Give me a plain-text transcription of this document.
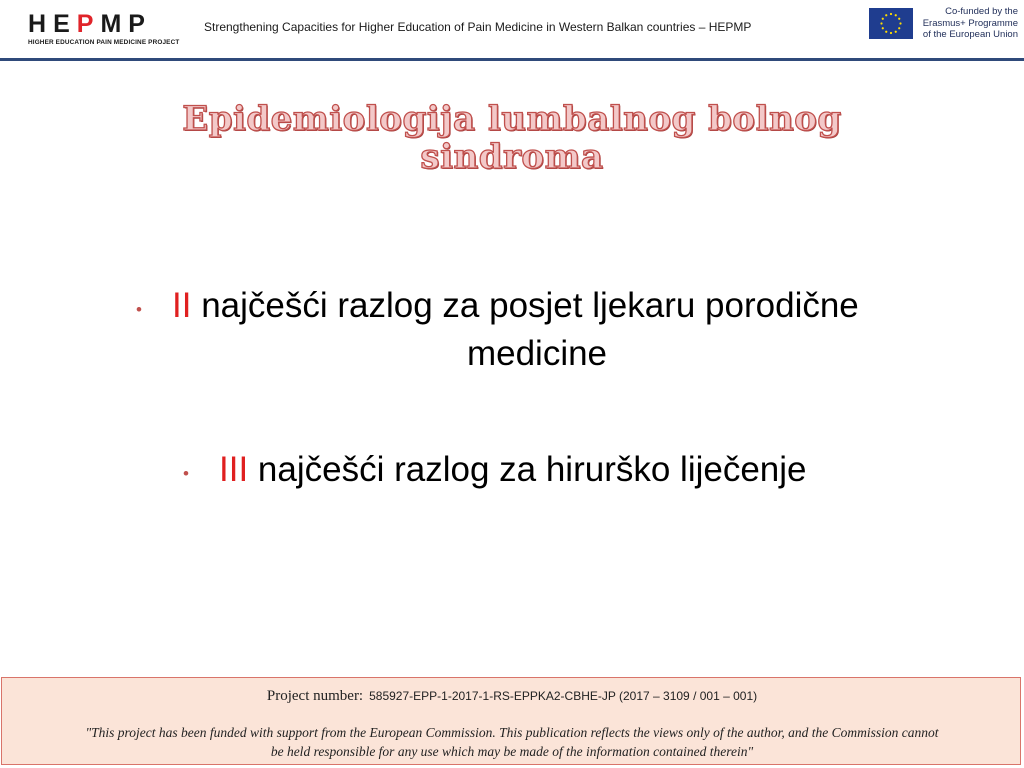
HEPMP
HIGHER EDUCATION PAIN MEDICINE PROJECT
Strengthening Capacities for Higher Education of Pain Medicine in Western Balkan countries – HEPMP
Co-funded by the
Erasmus+ Programme
of the European Union
Epidemiologija lumbalnog bolnog
sindroma
• II najčešći razlog za posjet ljekaru porodične
medicine
• III najčešći razlog za hirurško liječenje
Project number: 585927-EPP-1-2017-1-RS-EPPKA2-CBHE-JP (2017 – 3109 / 001 – 001)
"This project has been funded with support from the European Commission. This publication reflects the views only of the author, and the Commission cannot
be held responsible for any use which may be made of the information contained therein"
